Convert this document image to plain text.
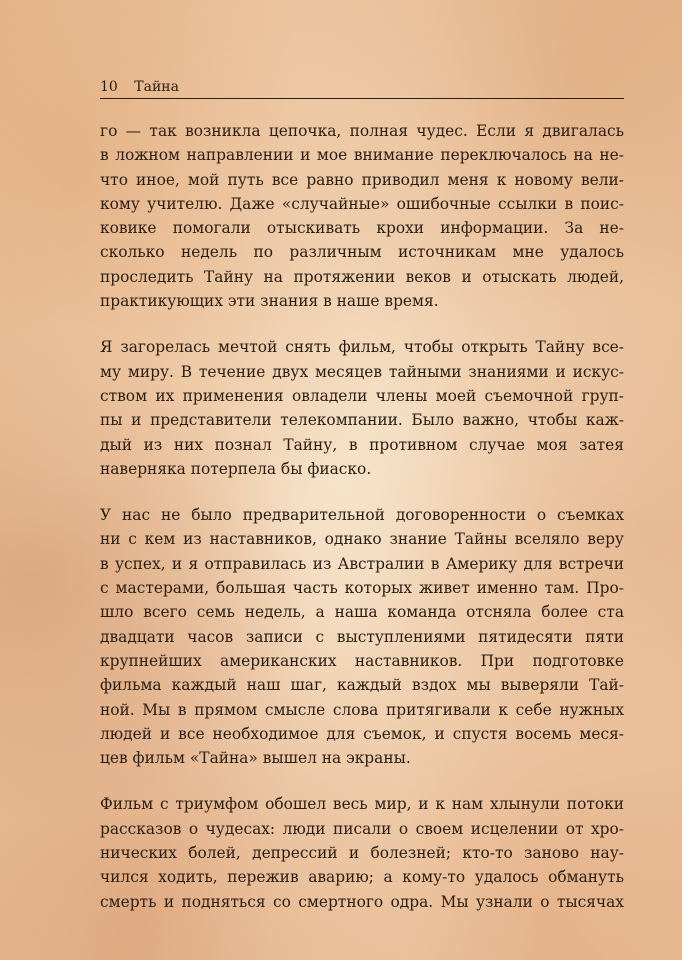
10 Тайна
го — так возникла цепочка, полная чудес. Если я двигалась
в ложном направлении и мое внимание переключалось на не-
что иное, мой путь все равно приводил меня к новому вели-
кому учителю. Даже «случайные» ошибочные ссылки в поис-
ковике помогали отыскивать крохи информации. За не-
сколько недель по различным источникам мне удалось
проследить Тайну на протяжении веков и отыскать людей,
практикующих эти знания в наше время.
Я загорелась мечтой снять фильм, чтобы открыть Тайну все-
му миру. В течение двух месяцев тайными знаниями и искус-
ством их применения овладели члены моей съемочной груп-
пы и представители телекомпании. Было важно, чтобы каж-
дый из них познал Тайну, в противном случае моя затея
наверняка потерпела бы фиаско.
У нас не было предварительной договоренности о съемках
ни с кем из наставников, однако знание Тайны вселяло веру
в успех, и я отправилась из Австралии в Америку для встречи
с мастерами, большая часть которых живет именно там. Про-
шло всего семь недель, а наша команда отсняла более ста
двадцати часов записи с выступлениями пятидесяти пяти
крупнейших американских наставников. При подготовке
фильма каждый наш шаг, каждый вздох мы выверяли Тай-
ной. Мы в прямом смысле слова притягивали к себе нужных
людей и все необходимое для съемок, и спустя восемь меся-
цев фильм «Тайна» вышел на экраны.
Фильм с триумфом обошел весь мир, и к нам хлынули потоки
рассказов о чудесах: люди писали о своем исцелении от хро-
нических болей, депрессий и болезней; кто-то заново нау-
чился ходить, пережив аварию; а кому-то удалось обмануть
смерть и подняться со смертного одра. Мы узнали о тысячах
